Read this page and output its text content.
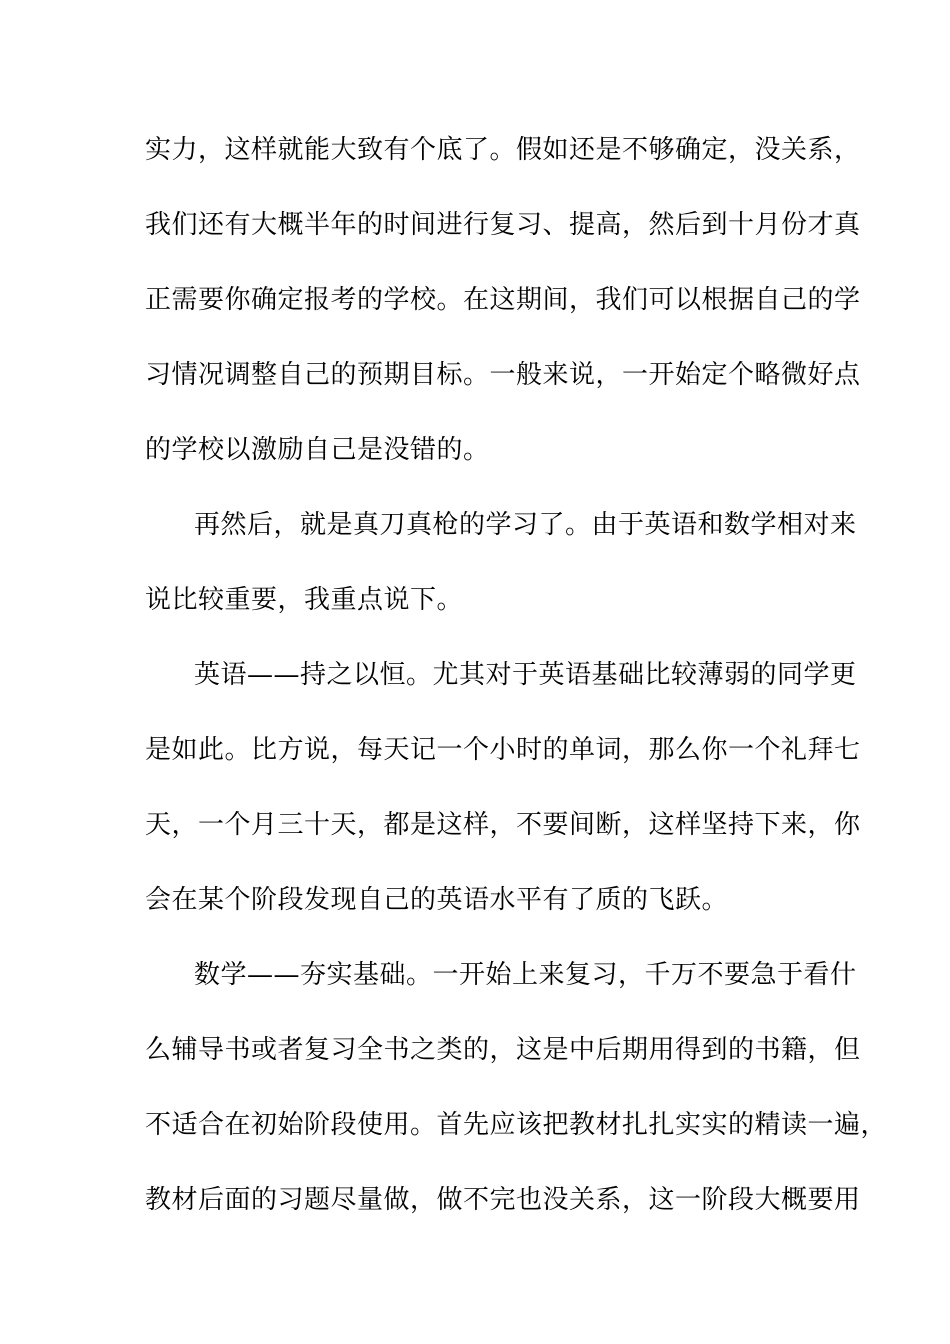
实力，这样就能大致有个底了。假如还是不够确定，没关系，
我们还有大概半年的时间进行复习、提高，然后到十月份才真
正需要你确定报考的学校。在这期间，我们可以根据自己的学
习情况调整自己的预期目标。一般来说，一开始定个略微好点
的学校以激励自己是没错的。
再然后，就是真刀真枪的学习了。由于英语和数学相对来
说比较重要，我重点说下。
英语——持之以恒。尤其对于英语基础比较薄弱的同学更
是如此。比方说，每天记一个小时的单词，那么你一个礼拜七
天，一个月三十天，都是这样，不要间断，这样坚持下来，你
会在某个阶段发现自己的英语水平有了质的飞跃。
数学——夯实基础。一开始上来复习，千万不要急于看什
么辅导书或者复习全书之类的，这是中后期用得到的书籍，但
不适合在初始阶段使用。首先应该把教材扎扎实实的精读一遍，
教材后面的习题尽量做，做不完也没关系，这一阶段大概要用
